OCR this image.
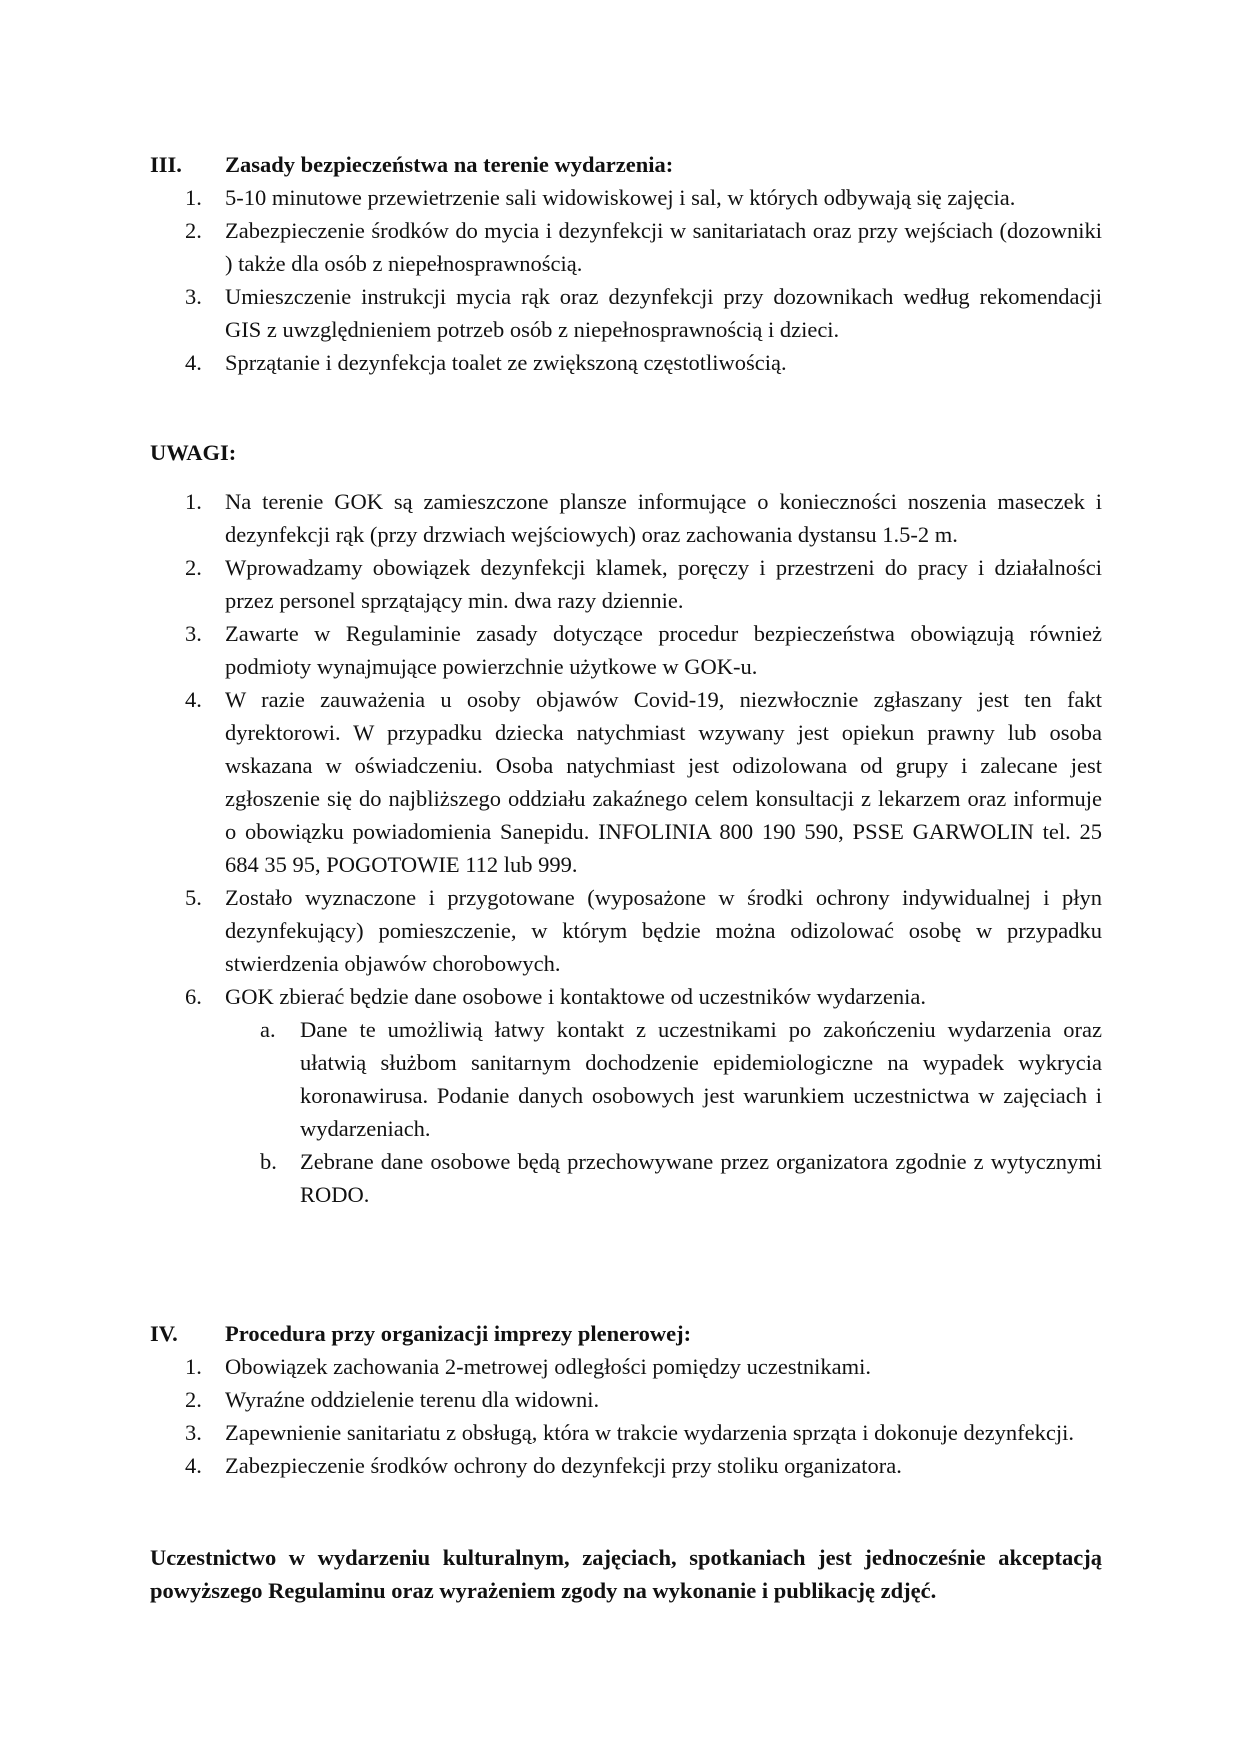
III. Zasady bezpieczeństwa na terenie wydarzenia:
1. 5-10 minutowe przewietrzenie sali widowiskowej i sal, w których odbywają się zajęcia.
2. Zabezpieczenie środków do mycia i dezynfekcji w sanitariatach oraz przy wejściach (dozowniki ) także dla osób z niepełnosprawnością.
3. Umieszczenie instrukcji mycia rąk oraz dezynfekcji przy dozownikach według rekomendacji GIS z uwzględnieniem potrzeb osób z niepełnosprawnością i dzieci.
4. Sprzątanie i dezynfekcja toalet ze zwiększoną częstotliwością.
UWAGI:
1. Na terenie GOK są zamieszczone plansze informujące o konieczności noszenia maseczek i dezynfekcji rąk (przy drzwiach wejściowych) oraz zachowania dystansu 1.5-2 m.
2. Wprowadzamy obowiązek dezynfekcji klamek, poręczy i przestrzeni do pracy i działalności przez personel sprzątający min. dwa razy dziennie.
3. Zawarte w Regulaminie zasady dotyczące procedur bezpieczeństwa obowiązują również podmioty wynajmujące powierzchnie użytkowe w GOK-u.
4. W razie zauważenia u osoby objawów Covid-19, niezwłocznie zgłaszany jest ten fakt dyrektorowi. W przypadku dziecka natychmiast wzywany jest opiekun prawny lub osoba wskazana w oświadczeniu. Osoba natychmiast jest odizolowana od grupy i zalecane jest zgłoszenie się do najbliższego oddziału zakaźnego celem konsultacji z lekarzem oraz informuje o obowiązku powiadomienia Sanepidu. INFOLINIA 800 190 590, PSSE GARWOLIN tel. 25 684 35 95, POGOTOWIE 112 lub 999.
5. Zostało wyznaczone i przygotowane (wyposażone w środki ochrony indywidualnej i płyn dezynfekujący) pomieszczenie, w którym będzie można odizolować osobę w przypadku stwierdzenia objawów chorobowych.
6. GOK zbierać będzie dane osobowe i kontaktowe od uczestników wydarzenia.
a. Dane te umożliwią łatwy kontakt z uczestnikami po zakończeniu wydarzenia oraz ułatwią służbom sanitarnym dochodzenie epidemiologiczne na wypadek wykrycia koronawirusa. Podanie danych osobowych jest warunkiem uczestnictwa w zajęciach i wydarzeniach.
b. Zebrane dane osobowe będą przechowywane przez organizatora zgodnie z wytycznymi RODO.
IV. Procedura przy organizacji imprezy plenerowej:
1. Obowiązek zachowania 2-metrowej odległości pomiędzy uczestnikami.
2. Wyraźne oddzielenie terenu dla widowni.
3. Zapewnienie sanitariatu z obsługą, która w trakcie wydarzenia sprząta i dokonuje dezynfekcji.
4. Zabezpieczenie środków ochrony do dezynfekcji przy stoliku organizatora.
Uczestnictwo w wydarzeniu kulturalnym, zajęciach, spotkaniach jest jednocześnie akceptacją powyższego Regulaminu oraz wyrażeniem zgody na wykonanie i publikację zdjęć.
